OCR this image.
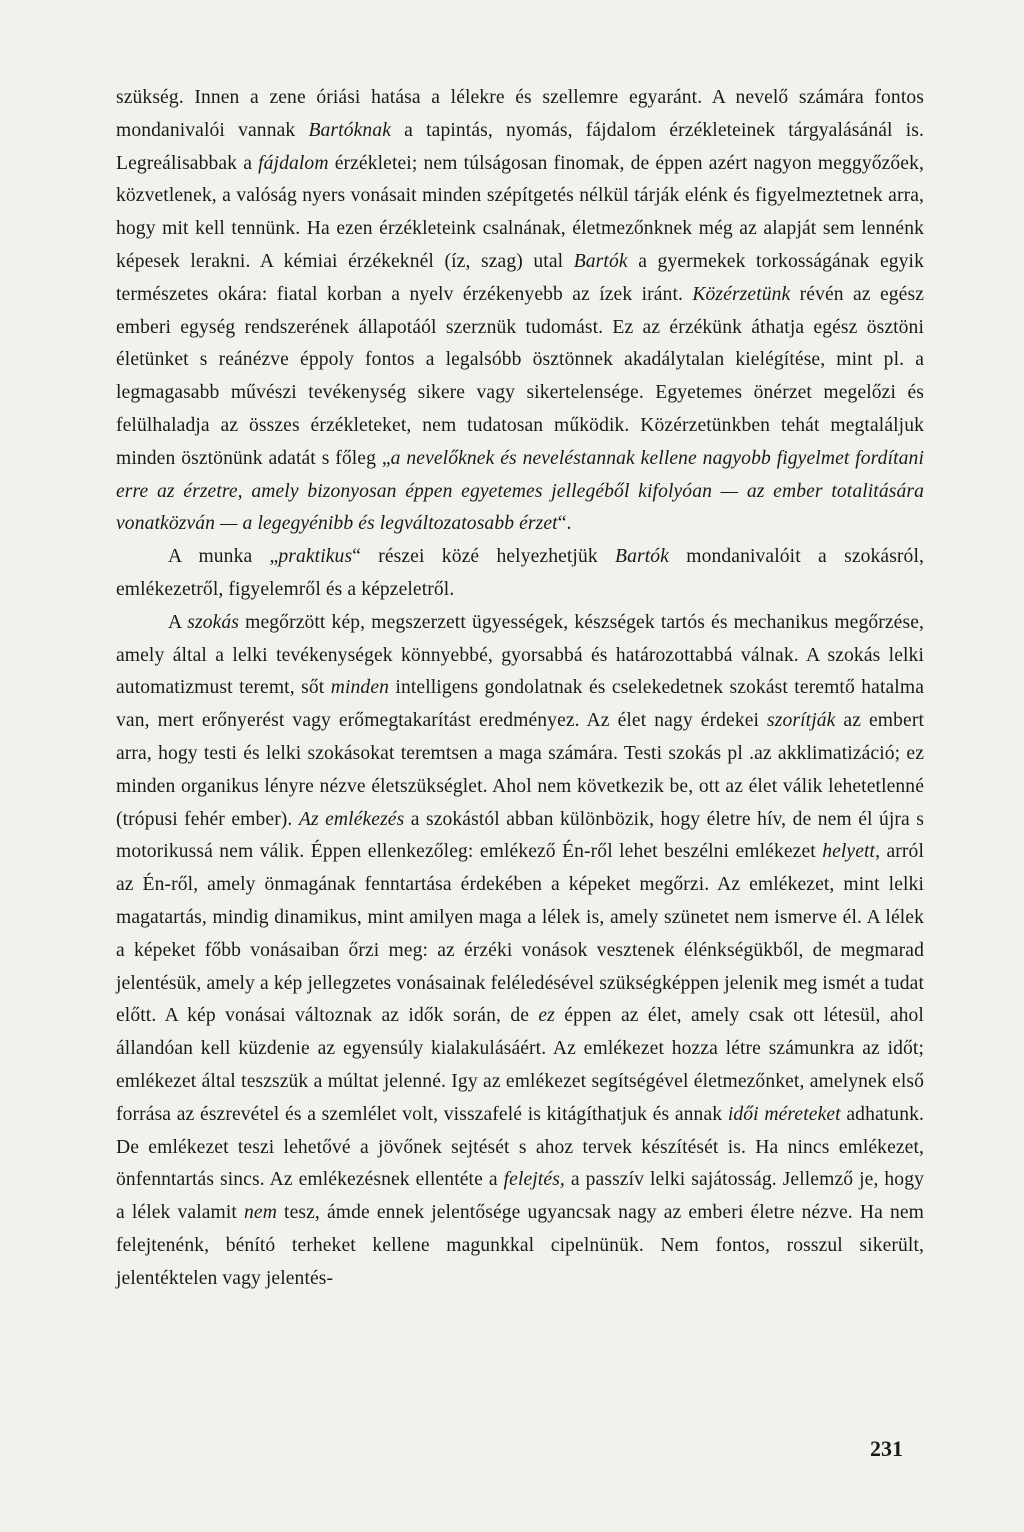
szükség. Innen a zene óriási hatása a lélekre és szellemre egyaránt. A nevelő számára fontos mondanivalói vannak Bartóknak a tapintás, nyomás, fájdalom érzékleteinek tárgyalásánál is. Legreálisabbak a fájdalom érzékletei; nem túlságosan finomak, de éppen azért nagyon meggyőzőek, közvetlenek, a valóság nyers vonásait minden szépítgetés nélkül tárják elénk és figyelmeztetnek arra, hogy mit kell tennünk. Ha ezen érzékleteink csalnának, életmezőnknek még az alapját sem lennénk képesek lerakni. A kémiai érzékeknél (íz, szag) utal Bartók a gyermekek torkosságának egyik természetes okára: fiatal korban a nyelv érzékenyebb az ízek iránt. Közérzetünk révén az egész emberi egység rendszerének állapotáól szerznük tudomást. Ez az érzékünk áthatja egész ösztöni életünket s reánézve éppoly fontos a legalsóbb ösztönnek akadálytalan kielégítése, mint pl. a legmagasabb művészi tevékenység sikere vagy sikertelensége. Egyetemes önérzet megelőzi és felülhaladja az összes érzékleteket, nem tudatosan működik. Közérzetünkben tehát megtaláljuk minden ösztönünk adatát s főleg „a nevelőknek és neveléstannak kellene nagyobb figyelmet fordítani erre az érzetre, amely bizonyosan éppen egyetemes jellegéből kifolyóan — az ember totalitására vonatközván — a legegyénibb és legváltozatosabb érzet“.

A munka „praktikus“ részei közé helyezhetjük Bartók mondanivalóit a szokásról, emlékezetről, figyelemről és a képzeletről.

A szokás megőrzött kép, megszerzett ügyességek, készségek tartós és mechanikus megőrzése, amely által a lelki tevékenységek könnyebbé, gyorsabbá és határozottabbá válnak. A szokás lelki automatizmust teremt, sőt minden intelligens gondolatnak és cselekedetnek szokást teremtő hatalma van, mert erőnyerést vagy erőmegtakarítást eredményez. Az élet nagy érdekei szorítják az embert arra, hogy testi és lelki szokásokat teremtsen a maga számára. Testi szokás pl .az akklimatizáció; ez minden organikus lényre nézve életszükséglet. Ahol nem következik be, ott az élet válik lehetetlenné (trópusi fehér ember). Az emlékezés a szokástól abban különbözik, hogy életre hív, de nem él újra s motorikussá nem válik. Éppen ellenkezőleg: emlékező Én-ről lehet beszélni emlékezet helyett, arról az Én-ről, amely önmagának fenntartása érdekében a képeket megőrzi. Az emlékezet, mint lelki magatartás, mindig dinamikus, mint amilyen maga a lélek is, amely szünetet nem ismerve él. A lélek a képeket főbb vonásaiban őrzi meg: az érzéki vonások vesztenek élénkségükből, de megmarad jelentésük, amely a kép jellegzetes vonásainak feléledésével szükségképpen jelenik meg ismét a tudat előtt. A kép vonásai változnak az idők során, de ez éppen az élet, amely csak ott létesül, ahol állandóan kell küzdenie az egyensúly kialakulásáért. Az emlékezet hozza létre számunkra az időt; emlékezet által teszszük a múltat jelenné. Igy az emlékezet segítségével életmezőnket, amelynek első forrása az észrevétel és a szemlélet volt, visszafelé is kitágíthatjuk és annak idői méreteket adhatunk. De emlékezet teszi lehetővé a jövőnek sejtését s ahoz tervek készítését is. Ha nincs emlékezet, önfenntartás sincs. Az emlékezésnek ellentéte a felejtés, a passzív lelki sajátosság. Jellemző je, hogy a lélek valamit nem tesz, ámde ennek jelentősége ugyancsak nagy az emberi életre nézve. Ha nem felejtenénk, bénító terheket kellene magunkkal cipelnünük. Nem fontos, rosszul sikerült, jelentéktelen vagy jelentés-

231
